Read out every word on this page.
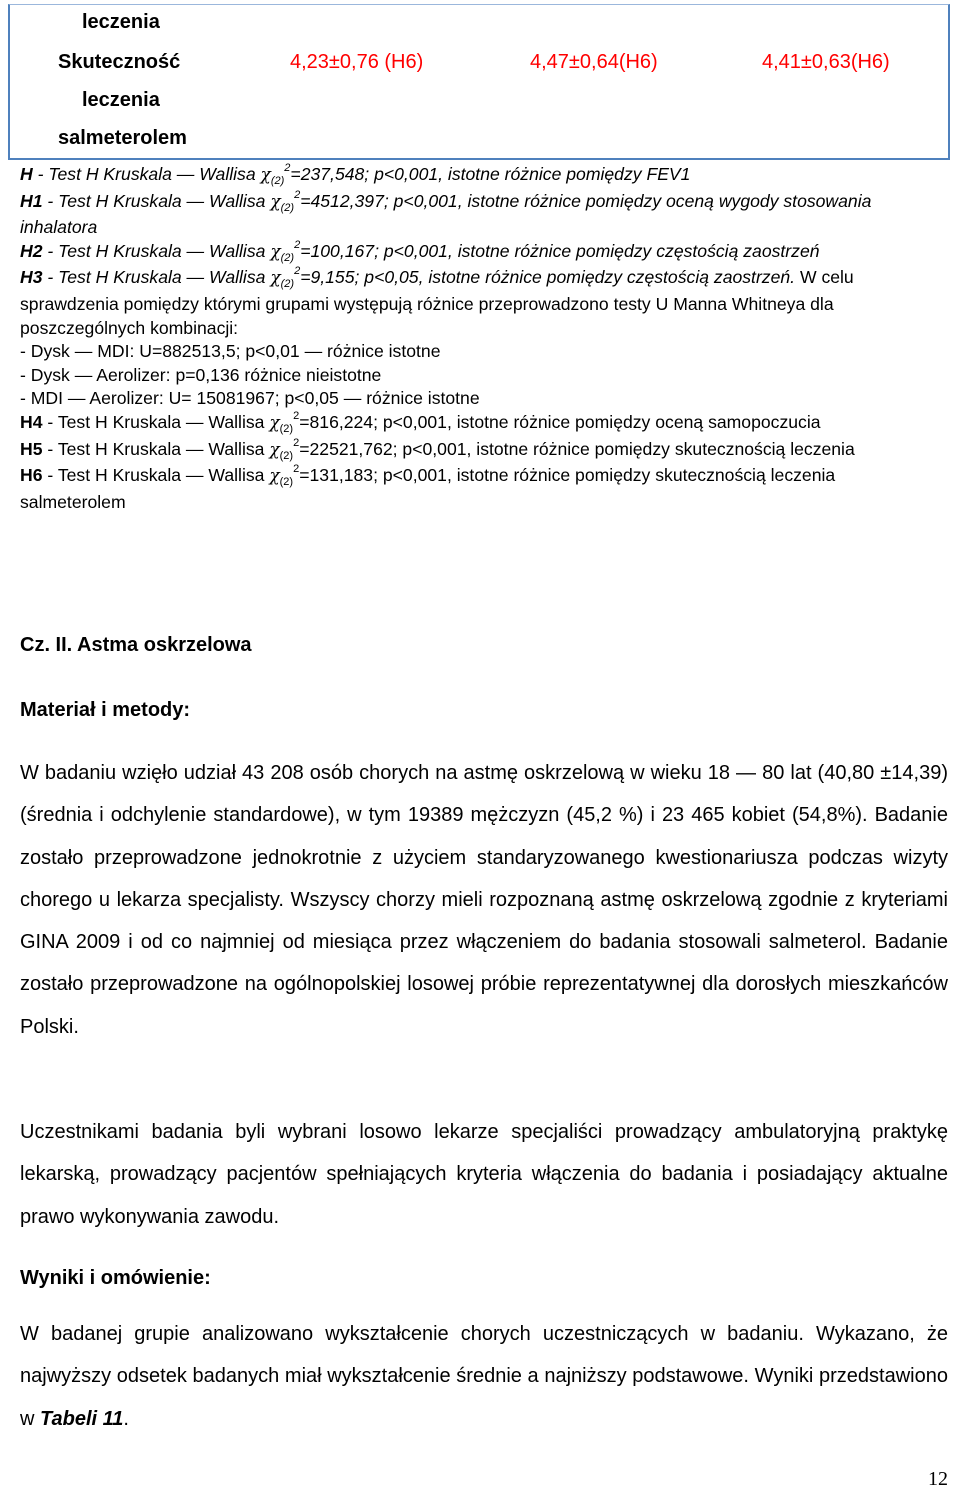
leczenia
Skuteczność
leczenia
salmeterolem
4,23±0,76 (H6)	4,47±0,64(H6)	4,41±0,63(H6)

H - Test H Kruskala — Wallisa $\chi_{(2)}^2=237,548$; p<0,001, istotne różnice pomiędzy FEV1

H1 - Test H Kruskala — Wallisa $\chi_{(2)}^2=4512,397$; p<0,001, istotne różnice pomiędzy oceną wygody stosowania inhalatora

H2 - Test H Kruskala — Wallisa $\chi_{(2)}^2=100,167$; p<0,001, istotne różnice pomiędzy częstością zaostrzeń

H3 - Test H Kruskala — Wallisa $\chi_{(2)}^2=9,155$; p<0,05, istotne różnice pomiędzy częstością zaostrzeń. W celu sprawdzenia pomiędzy którymi grupami występują różnice przeprowadzono testy U Manna Whitneya dla poszczególnych kombinacji:

- Dysk — MDI: U=882513,5; p<0,01 — różnice istotne

- Dysk — Aerolizer: p=0,136 różnice nieistotne

- MDI — Aerolizer: U= 15081967; p<0,05 — różnice istotne

H4 - Test H Kruskala — Wallisa $\chi_{(2)}^2=816,224$; p<0,001, istotne różnice pomiędzy oceną samopoczucia

H5 - Test H Kruskala — Wallisa $\chi_{(2)}^2=22521,762$; p<0,001, istotne różnice pomiędzy skutecznością leczenia

H6 - Test H Kruskala — Wallisa $\chi_{(2)}^2=131,183$; p<0,001, istotne różnice pomiędzy skutecznością leczenia salmeterolem

Cz. II. Astma oskrzelowa
Materiał i metody:

W badaniu wzięło udział 43 208 osób chorych na astmę oskrzelową w wieku 18 — 80 lat (40,80 ±14,39) (średnia i odchylenie standardowe), w tym 19389 mężczyzn (45,2 %) i 23 465 kobiet (54,8%). Badanie zostało przeprowadzone jednokrotnie z użyciem standaryzowanego kwestionariusza podczas wizyty chorego u lekarza specjalisty. Wszyscy chorzy mieli rozpoznaną astmę oskrzelową zgodnie z kryteriami GINA 2009 i od co najmniej od miesiąca przez włączeniem do badania stosowali salmeterol. Badanie zostało przeprowadzone na ogólnopolskiej losowej próbie reprezentatywnej dla dorosłych mieszkańców Polski.

Uczestnikami badania byli wybrani losowo lekarze specjaliści prowadzący ambulatoryjną praktykę lekarską, prowadzący pacjentów spełniających kryteria włączenia do badania i posiadający aktualne prawo wykonywania zawodu.

Wyniki i omówienie:

W badanej grupie analizowano wykształcenie chorych uczestniczących w badaniu. Wykazano, że najwyższy odsetek badanych miał wykształcenie średnie a najniższy podstawowe. Wyniki przedstawiono w Tabeli 11.

12
